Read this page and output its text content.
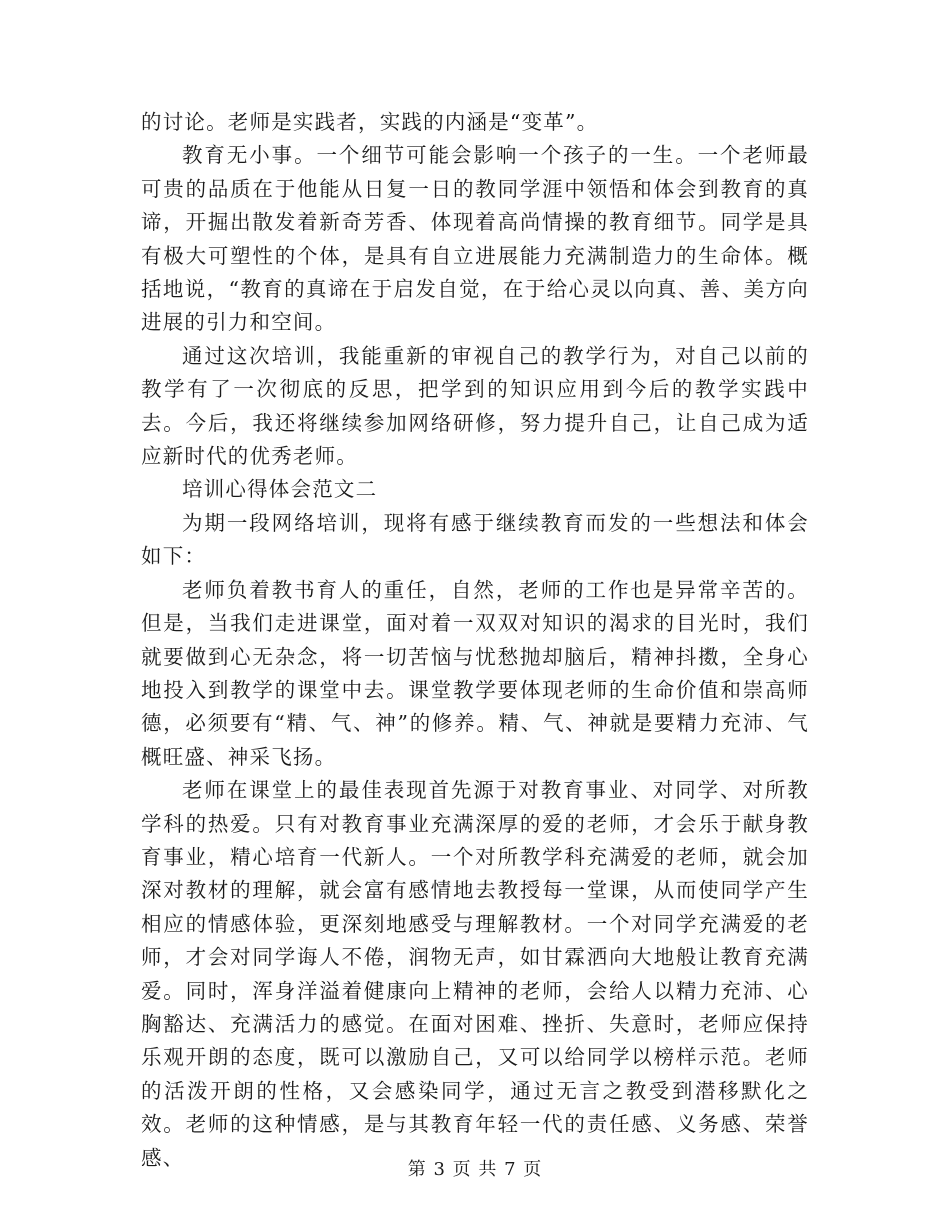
的讨论。老师是实践者，实践的内涵是“变革”。

教育无小事。一个细节可能会影响一个孩子的一生。一个老师最可贵的品质在于他能从日复一日的教同学涯中领悟和体会到教育的真谛，开掘出散发着新奇芳香、体现着高尚情操的教育细节。同学是具有极大可塑性的个体，是具有自立进展能力充满制造力的生命体。概括地说，“教育的真谛在于启发自觉，在于给心灵以向真、善、美方向进展的引力和空间。

通过这次培训，我能重新的审视自己的教学行为，对自己以前的教学有了一次彻底的反思，把学到的知识应用到今后的教学实践中去。今后，我还将继续参加网络研修，努力提升自己，让自己成为适应新时代的优秀老师。

培训心得体会范文二

为期一段网络培训，现将有感于继续教育而发的一些想法和体会如下：

老师负着教书育人的重任，自然，老师的工作也是异常辛苦的。但是，当我们走进课堂，面对着一双双对知识的渴求的目光时，我们就要做到心无杂念，将一切苦恼与忧愁抛却脑后，精神抖擞，全身心地投入到教学的课堂中去。课堂教学要体现老师的生命价值和崇高师德，必须要有“精、气、神”的修养。精、气、神就是要精力充沛、气概旺盛、神采飞扬。

老师在课堂上的最佳表现首先源于对教育事业、对同学、对所教学科的热爱。只有对教育事业充满深厚的爱的老师，才会乐于献身教育事业，精心培育一代新人。一个对所教学科充满爱的老师，就会加深对教材的理解，就会富有感情地去教授每一堂课，从而使同学产生相应的情感体验，更深刻地感受与理解教材。一个对同学充满爱的老师，才会对同学诲人不倦，润物无声，如甘霖洒向大地般让教育充满爱。同时，浑身洋溢着健康向上精神的老师，会给人以精力充沛、心胸豁达、充满活力的感觉。在面对困难、挫折、失意时，老师应保持乐观开朗的态度，既可以激励自己，又可以给同学以榜样示范。老师的活泼开朗的性格，又会感染同学，通过无言之教受到潜移默化之效。老师的这种情感，是与其教育年轻一代的责任感、义务感、荣誉感、	第 3 页 共 7 页
